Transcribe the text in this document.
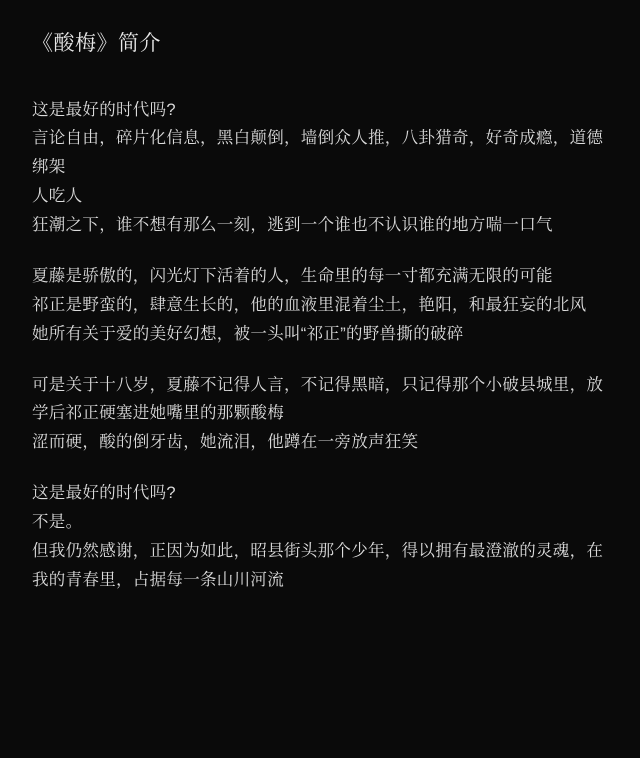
《酸梅》简介
这是最好的时代吗?
言论自由，碎片化信息，黑白颠倒，墙倒众人推，八卦猎奇，好奇成瘾，道德绑架
人吃人
狂潮之下，谁不想有那么一刻，逃到一个谁也不认识谁的地方喘一口气
夏藤是骄傲的，闪光灯下活着的人，生命里的每一寸都充满无限的可能
祁正是野蛮的，肆意生长的，他的血液里混着尘土，艳阳，和最狂妄的北风
她所有关于爱的美好幻想，被一头叫“祁正”的野兽撕的破碎
可是关于十八岁，夏藤不记得人言，不记得黑暗，只记得那个小破县城里，放学后祁正硬塞进她嘴里的那颗酸梅
涩而硬，酸的倒牙齿，她流泪，他蹲在一旁放声狂笑
这是最好的时代吗?
不是。
但我仍然感谢，正因为如此，昭县街头那个少年，得以拥有最澄澈的灵魂，在我的青春里，占据每一条山川河流
